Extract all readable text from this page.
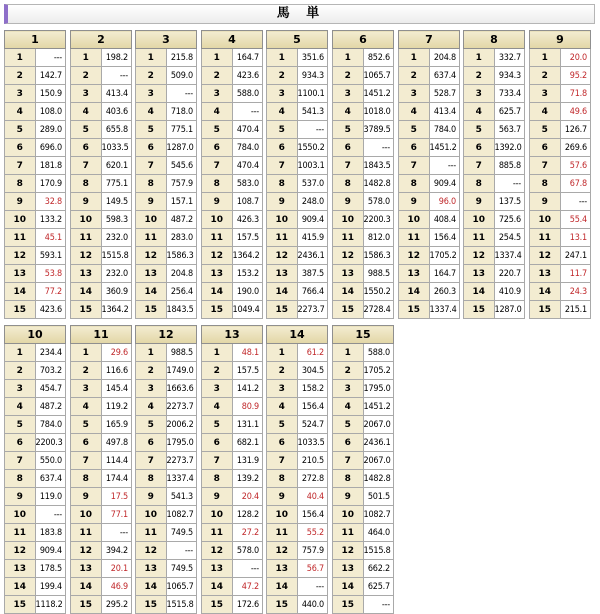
馬 単
1	
1	---
2	142.7
3	150.9
4	108.0
5	289.0
6	696.0
7	181.8
8	170.9
9	32.8
10	133.2
11	45.1
12	593.1
13	53.8
14	77.2
15	423.6
2	
1	198.2
2	---
3	413.4
4	403.6
5	655.8
6	1033.5
7	620.1
8	775.1
9	149.5
10	598.3
11	232.0
12	1515.8
13	232.0
14	360.9
15	1364.2
3	
1	215.8
2	509.0
3	---
4	718.0
5	775.1
6	1287.0
7	545.6
8	757.9
9	157.1
10	487.2
11	283.0
12	1586.3
13	204.8
14	256.4
15	1843.5
4	
1	164.7
2	423.6
3	588.0
4	---
5	470.4
6	784.0
7	470.4
8	583.0
9	108.7
10	426.3
11	157.5
12	1364.2
13	153.2
14	190.0
15	1049.4
5	
1	351.6
2	934.3
3	1100.1
4	541.3
5	---
6	1550.2
7	1003.1
8	537.0
9	248.0
10	909.4
11	415.9
12	2436.1
13	387.5
14	766.4
15	2273.7
6	
1	852.6
2	1065.7
3	1451.2
4	1018.0
5	3789.5
6	---
7	1843.5
8	1482.8
9	578.0
10	2200.3
11	812.0
12	1586.3
13	988.5
14	1550.2
15	2728.4
7	
1	204.8
2	637.4
3	528.7
4	413.4
5	784.0
6	1451.2
7	---
8	909.4
9	96.0
10	408.4
11	156.4
12	1705.2
13	164.7
14	260.3
15	1337.4
8	
1	332.7
2	934.3
3	733.4
4	625.7
5	563.7
6	1392.0
7	885.8
8	---
9	137.5
10	725.6
11	254.5
12	1337.4
13	220.7
14	410.9
15	1287.0
9	
1	20.0
2	95.2
3	71.8
4	49.6
5	126.7
6	269.6
7	57.6
8	67.8
9	---
10	55.4
11	13.1
12	247.1
13	11.7
14	24.3
15	215.1
10	
1	234.4
2	703.2
3	454.7
4	487.2
5	784.0
6	2200.3
7	550.0
8	637.4
9	119.0
10	---
11	183.8
12	909.4
13	178.5
14	199.4
15	1118.2
11	
1	29.6
2	116.6
3	145.4
4	119.2
5	165.9
6	497.8
7	114.4
8	174.4
9	17.5
10	77.1
11	---
12	394.2
13	20.1
14	46.9
15	295.2
12	
1	988.5
2	1749.0
3	1663.6
4	2273.7
5	2006.2
6	1795.0
7	2273.7
8	1337.4
9	541.3
10	1082.7
11	749.5
12	---
13	749.5
14	1065.7
15	1515.8
13	
1	48.1
2	157.5
3	141.2
4	80.9
5	131.1
6	682.1
7	131.9
8	139.2
9	20.4
10	128.2
11	27.2
12	578.0
13	---
14	47.2
15	172.6
14	
1	61.2
2	304.5
3	158.2
4	156.4
5	524.7
6	1033.5
7	210.5
8	272.8
9	40.4
10	156.4
11	55.2
12	757.9
13	56.7
14	---
15	440.0
15	
1	588.0
2	1705.2
3	1795.0
4	1451.2
5	2067.0
6	2436.1
7	2067.0
8	1482.8
9	501.5
10	1082.7
11	464.0
12	1515.8
13	662.2
14	625.7
15	---
